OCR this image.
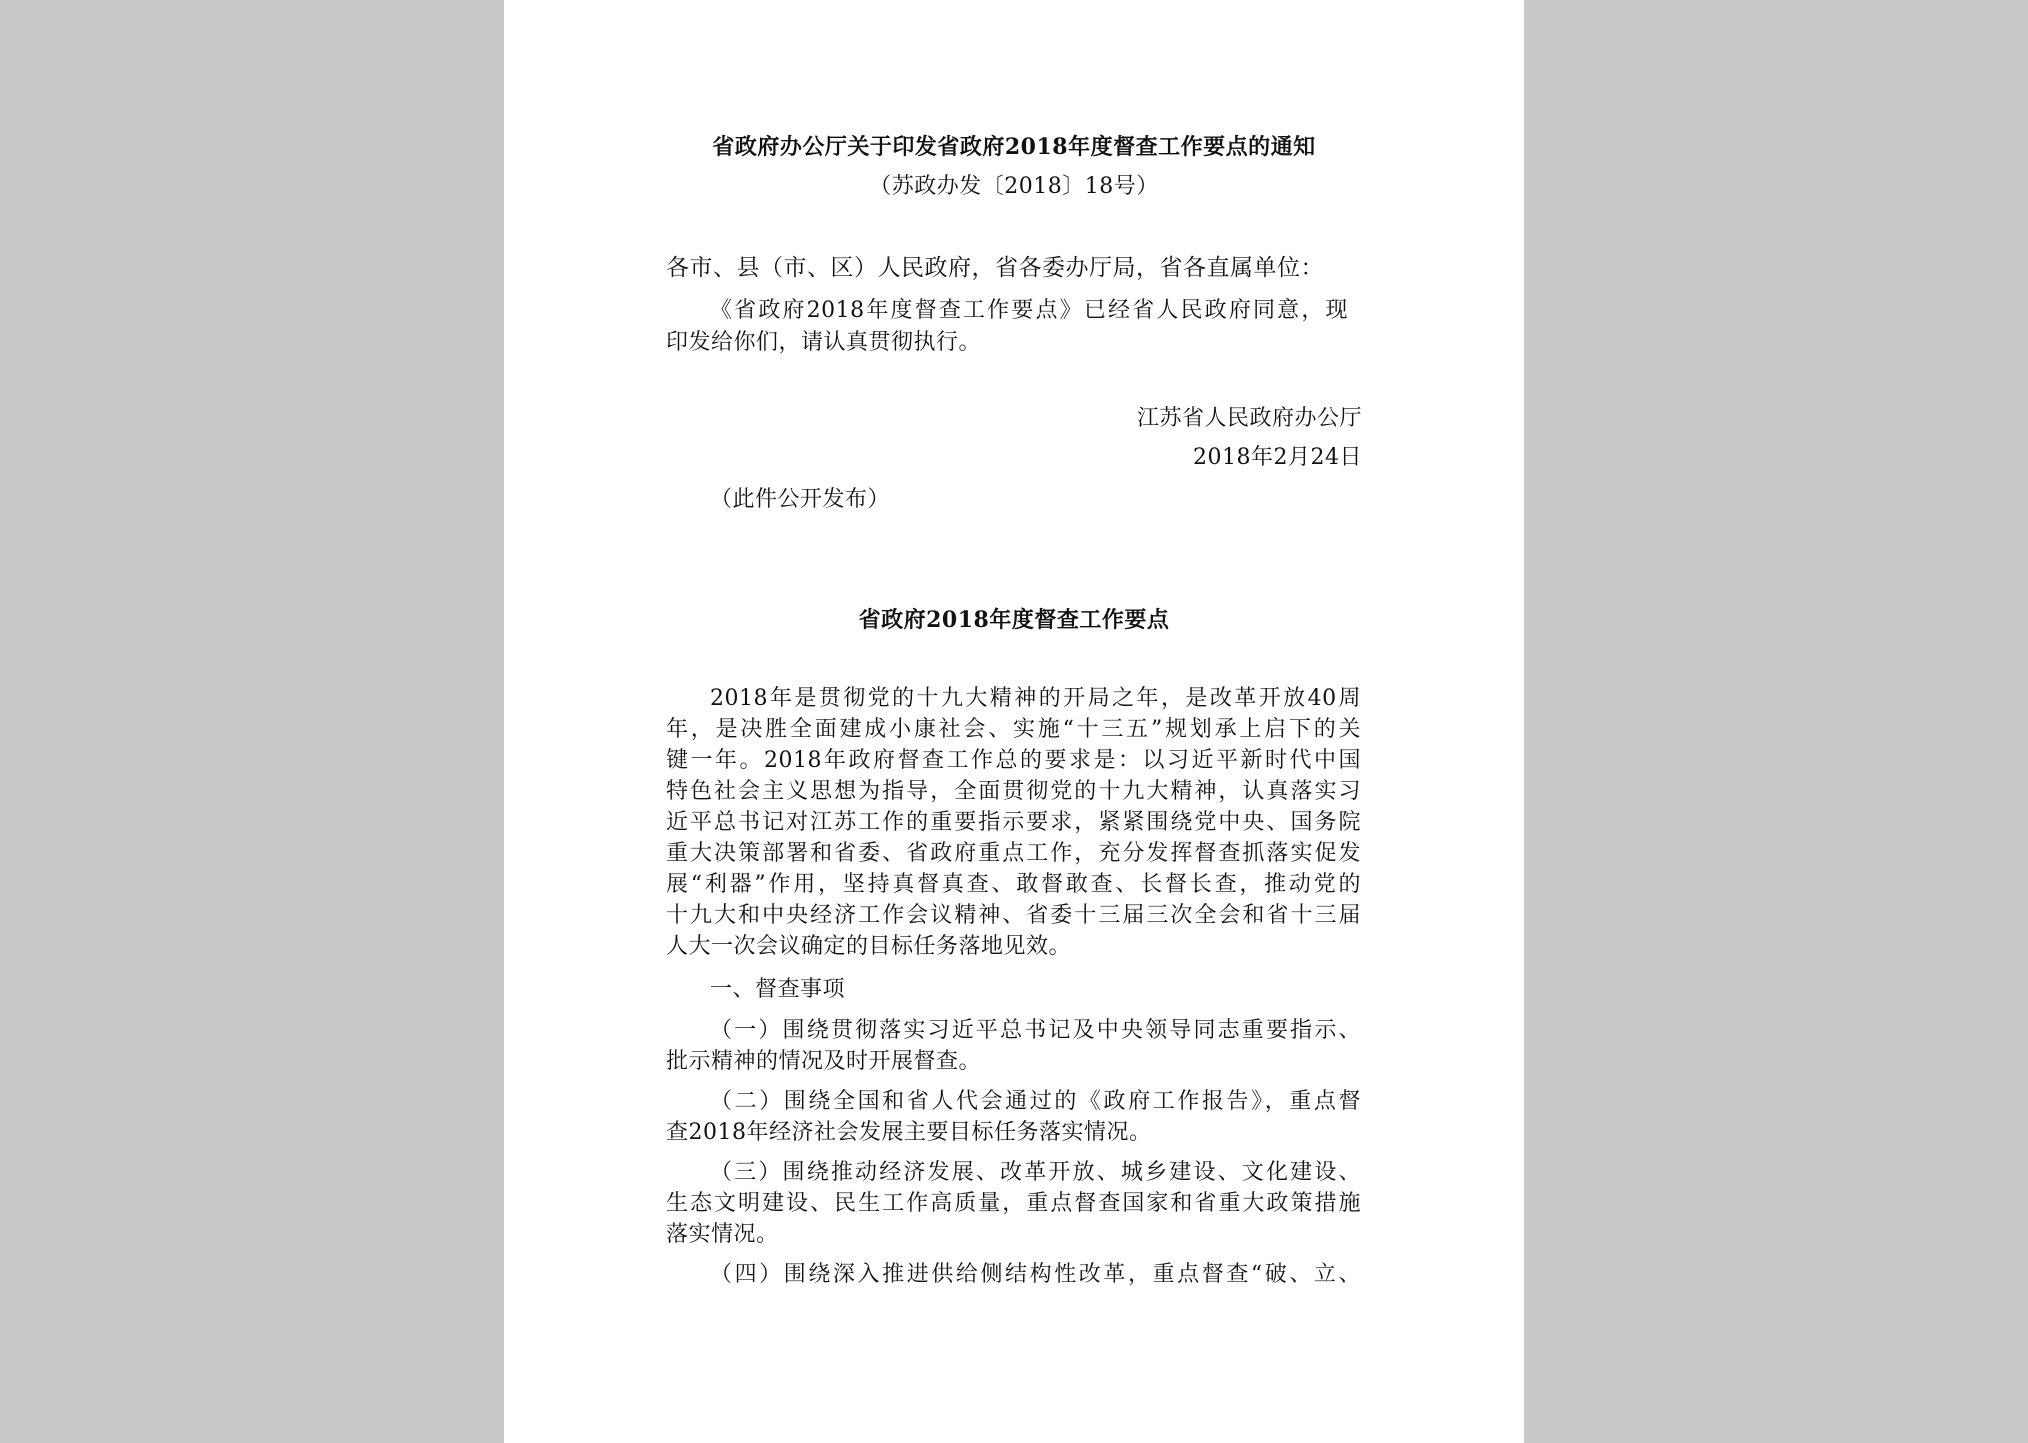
省政府办公厅关于印发省政府2018年度督查工作要点的通知
（苏政办发〔2018〕18号）
各市、县（市、区）人民政府，省各委办厅局，省各直属单位：
《省政府2018年度督查工作要点》已经省人民政府同意，现
印发给你们，请认真贯彻执行。
江苏省人民政府办公厅
2018年2月24日
（此件公开发布）
省政府2018年度督查工作要点
2018年是贯彻党的十九大精神的开局之年，是改革开放40周
年，是决胜全面建成小康社会、实施“十三五”规划承上启下的关
键一年。2018年政府督查工作总的要求是：以习近平新时代中国
特色社会主义思想为指导，全面贯彻党的十九大精神，认真落实习
近平总书记对江苏工作的重要指示要求，紧紧围绕党中央、国务院
重大决策部署和省委、省政府重点工作，充分发挥督查抓落实促发
展“利器”作用，坚持真督真查、敢督敢查、长督长查，推动党的
十九大和中央经济工作会议精神、省委十三届三次全会和省十三届
人大一次会议确定的目标任务落地见效。
一、督查事项
（一）围绕贯彻落实习近平总书记及中央领导同志重要指示、
批示精神的情况及时开展督查。
（二）围绕全国和省人代会通过的《政府工作报告》，重点督
查2018年经济社会发展主要目标任务落实情况。
（三）围绕推动经济发展、改革开放、城乡建设、文化建设、
生态文明建设、民生工作高质量，重点督查国家和省重大政策措施
落实情况。
（四）围绕深入推进供给侧结构性改革，重点督查“破、立、
